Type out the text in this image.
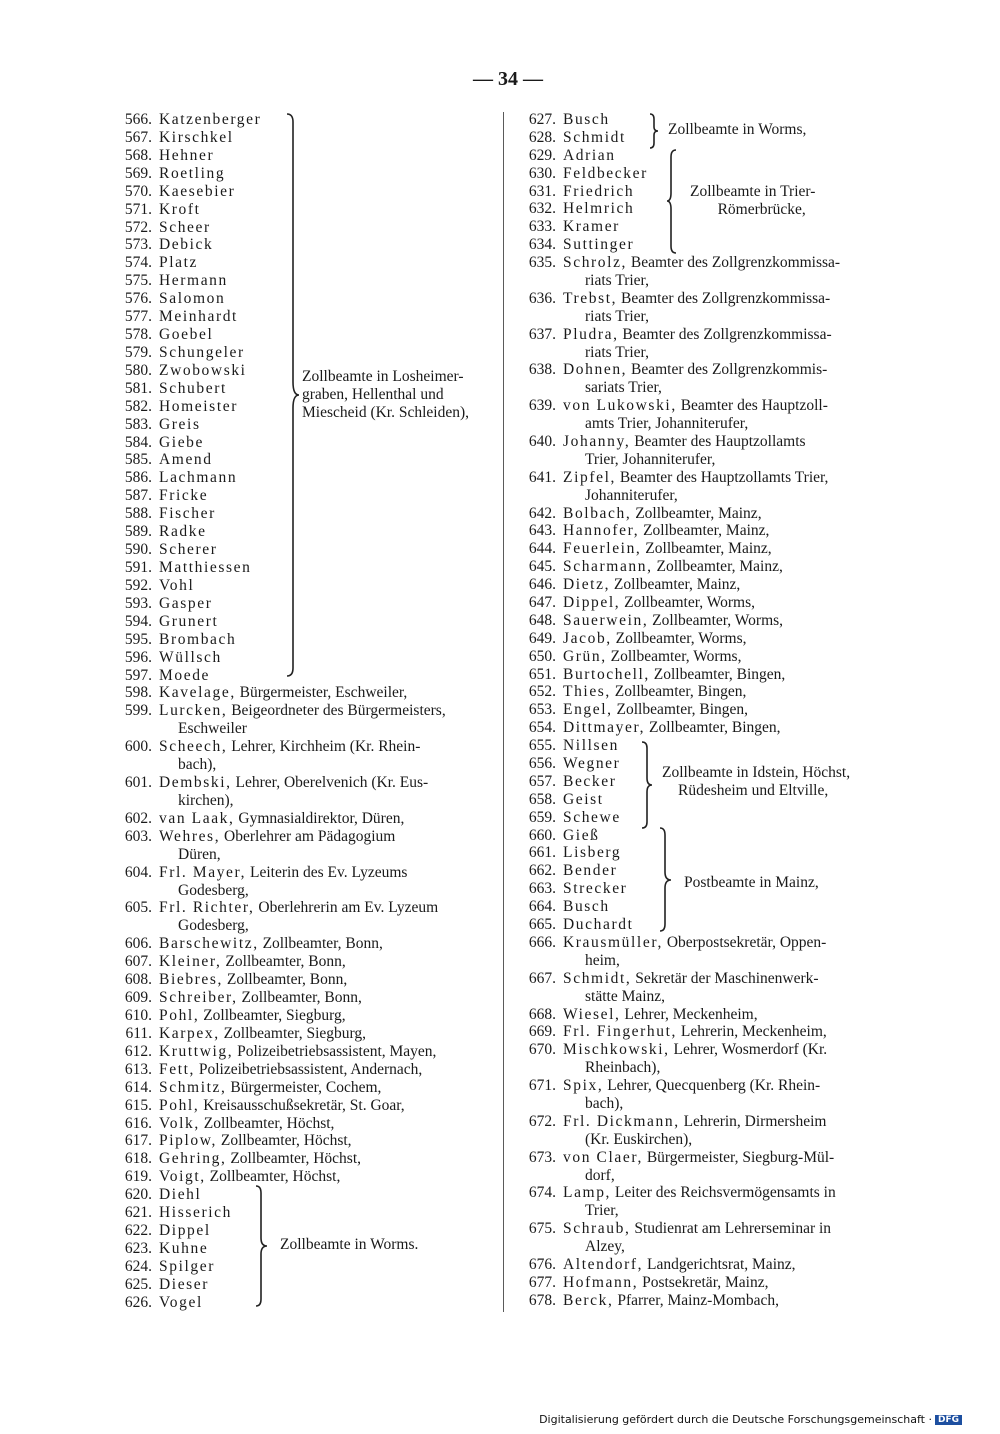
— 34 —
566. Katzenberger
567. Kirschkel
568. Hehner
569. Roetling
570. Kaesebier
571. Kroft
572. Scheer
573. Debick
574. Platz
575. Hermann
576. Salomon
577. Meinhardt
578. Goebel
579. Schungeler
580. Zwobowski
581. Schubert
582. Homeister
583. Greis
584. Giebe
585. Amend
586. Lachmann
587. Fricke
588. Fischer
589. Radke
590. Scherer
591. Matthiessen
592. Vohl
593. Gasper
594. Grunert
595. Brombach
596. Wüllsch
597. Moede
598. Kavelage, Bürgermeister, Eschweiler,
599. Lurcken, Beigeordneter des Bürgermeisters,
Eschweiler
600. Scheech, Lehrer, Kirchheim (Kr. Rhein-
bach),
601. Dembski, Lehrer, Oberelvenich (Kr. Eus-
kirchen),
602. van Laak, Gymnasialdirektor, Düren,
603. Wehres, Oberlehrer am Pädagogium
Düren,
604. Frl. Mayer, Leiterin des Ev. Lyzeums
Godesberg,
605. Frl. Richter, Oberlehrerin am Ev. Lyzeum
Godesberg,
606. Barschewitz, Zollbeamter, Bonn,
607. Kleiner, Zollbeamter, Bonn,
608. Biebres, Zollbeamter, Bonn,
609. Schreiber, Zollbeamter, Bonn,
610. Pohl, Zollbeamter, Siegburg,
611. Karpex, Zollbeamter, Siegburg,
612. Kruttwig, Polizeibetriebsassistent, Mayen,
613. Fett, Polizeibetriebsassistent, Andernach,
614. Schmitz, Bürgermeister, Cochem,
615. Pohl, Kreisausschußsekretär, St. Goar,
616. Volk, Zollbeamter, Höchst,
617. Piplow, Zollbeamter, Höchst,
618. Gehring, Zollbeamter, Höchst,
619. Voigt, Zollbeamter, Höchst,
620. Diehl
621. Hisserich
622. Dippel
623. Kuhne
624. Spilger
625. Dieser
626. Vogel
627. Busch
628. Schmidt
629. Adrian
630. Feldbecker
631. Friedrich
632. Helmrich
633. Kramer
634. Suttinger
635. Schrolz, Beamter des Zollgrenzkommissa-
riats Trier,
636. Trebst, Beamter des Zollgrenzkommissa-
riats Trier,
637. Pludra, Beamter des Zollgrenzkommissa-
riats Trier,
638. Dohnen, Beamter des Zollgrenzkommis-
sariats Trier,
639. von Lukowski, Beamter des Hauptzoll-
amts Trier, Johanniterufer,
640. Johanny, Beamter des Hauptzollamts
Trier, Johanniterufer,
641. Zipfel, Beamter des Hauptzollamts Trier,
Johanniterufer,
642. Bolbach, Zollbeamter, Mainz,
643. Hannofer, Zollbeamter, Mainz,
644. Feuerlein, Zollbeamter, Mainz,
645. Scharmann, Zollbeamter, Mainz,
646. Dietz, Zollbeamter, Mainz,
647. Dippel, Zollbeamter, Worms,
648. Sauerwein, Zollbeamter, Worms,
649. Jacob, Zollbeamter, Worms,
650. Grün, Zollbeamter, Worms,
651. Burtochell, Zollbeamter, Bingen,
652. Thies, Zollbeamter, Bingen,
653. Engel, Zollbeamter, Bingen,
654. Dittmayer, Zollbeamter, Bingen,
655. Nillsen
656. Wegner
657. Becker
658. Geist
659. Schewe
660. Gieß
661. Lisberg
662. Bender
663. Strecker
664. Busch
665. Duchardt
666. Krausmüller, Oberpostsekretär, Oppen-
heim,
667. Schmidt, Sekretär der Maschinenwerk-
stätte Mainz,
668. Wiesel, Lehrer, Meckenheim,
669. Frl. Fingerhut, Lehrerin, Meckenheim,
670. Mischkowski, Lehrer, Wosmerdorf (Kr.
Rheinbach),
671. Spix, Lehrer, Quecquenberg (Kr. Rhein-
bach),
672. Frl. Dickmann, Lehrerin, Dirmersheim
(Kr. Euskirchen),
673. von Claer, Bürgermeister, Siegburg-Mül-
dorf,
674. Lamp, Leiter des Reichsvermögensamts in
Trier,
675. Schraub, Studienrat am Lehrerseminar in
Alzey,
676. Altendorf, Landgerichtsrat, Mainz,
677. Hofmann, Postsekretär, Mainz,
678. Berck, Pfarrer, Mainz-Mombach,
Zollbeamte in Losheimer-
graben, Hellenthal und
Miescheid (Kr. Schleiden),
Zollbeamte in Worms.
Zollbeamte in Worms,
Zollbeamte in Trier-
Römerbrücke,
Zollbeamte in Idstein, Höchst,
Rüdesheim und Eltville,
Postbeamte in Mainz,
Digitalisierung gefördert durch die Deutsche Forschungsgemeinschaft · DFG
